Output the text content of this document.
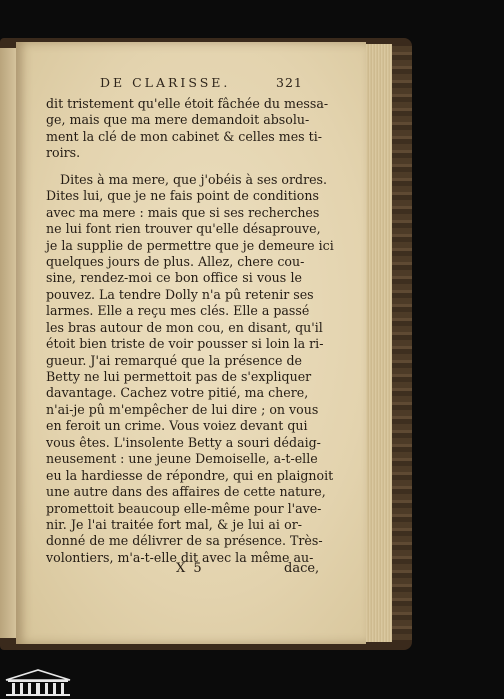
DE CLARISSE.	321
dit tristement qu'elle étoit fâchée du messa-
ge, mais que ma mere demandoit absolu-
ment la clé de mon cabinet & celles mes ti-
roirs.
Dites à ma mere, que j'obéis à ses ordres.
Dites lui, que je ne fais point de conditions
avec ma mere : mais que si ses recherches
ne lui font rien trouver qu'elle désaprouve,
je la supplie de permettre que je demeure ici
quelques jours de plus. Allez, chere cou-
sine, rendez-moi ce bon office si vous le
pouvez. La tendre Dolly n'a pû retenir ses
larmes. Elle a reçu mes clés. Elle a passé
les bras autour de mon cou, en disant, qu'il
étoit bien triste de voir pousser si loin la ri-
gueur. J'ai remarqué que la présence de
Betty ne lui permettoit pas de s'expliquer
davantage. Cachez votre pitié, ma chere,
n'ai-je pû m'empêcher de lui dire ; on vous
en feroit un crime. Vous voiez devant qui
vous êtes. L'insolente Betty a souri dédaig-
neusement : une jeune Demoiselle, a-t-elle
eu la hardiesse de répondre, qui en plaignoit
une autre dans des affaires de cette nature,
promettoit beaucoup elle-même pour l'ave-
nir. Je l'ai traitée fort mal, & je lui ai or-
donné de me délivrer de sa présence. Très-
volontiers, m'a-t-elle dit avec la même au-
X 5	dace,
